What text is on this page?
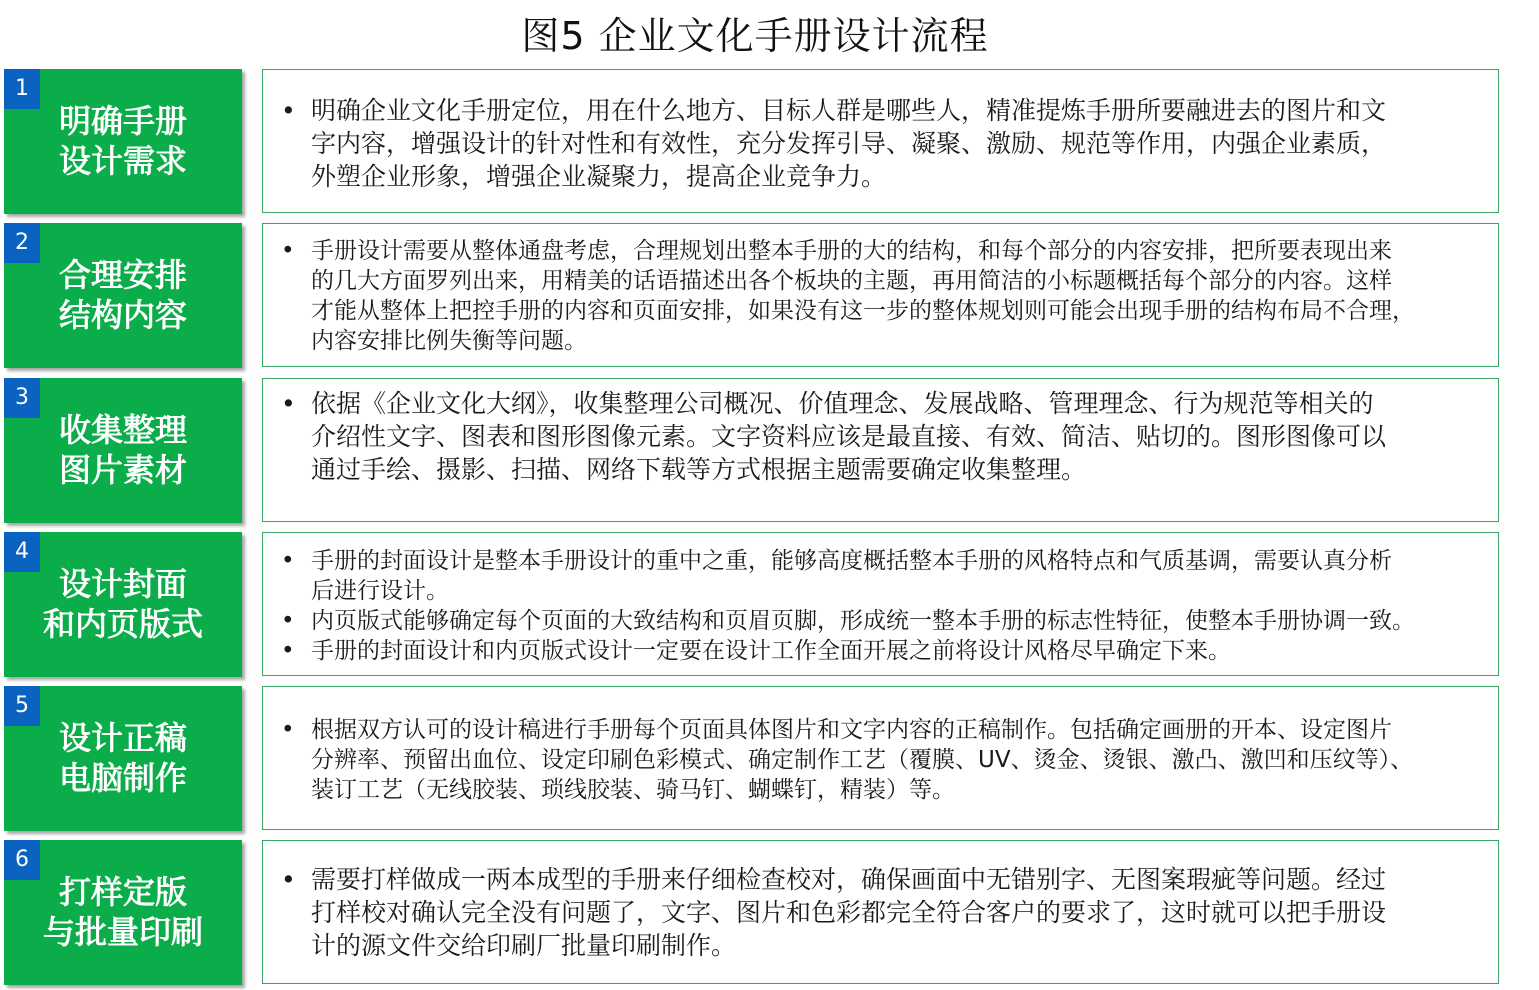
图5 企业文化手册设计流程
1
明确手册
设计需求
• 明确企业文化手册定位，用在什么地方、目标人群是哪些人，精准提炼手册所要融进去的图片和文
字内容，增强设计的针对性和有效性，充分发挥引导、凝聚、激励、规范等作用，内强企业素质，
外塑企业形象，增强企业凝聚力，提高企业竞争力。
2
合理安排
结构内容
• 手册设计需要从整体通盘考虑，合理规划出整本手册的大的结构，和每个部分的内容安排，把所要表现出来
的几大方面罗列出来，用精美的话语描述出各个板块的主题，再用简洁的小标题概括每个部分的内容。这样
才能从整体上把控手册的内容和页面安排，如果没有这一步的整体规划则可能会出现手册的结构布局不合理，
内容安排比例失衡等问题。
3
收集整理
图片素材
• 依据《企业文化大纲》，收集整理公司概况、价值理念、发展战略、管理理念、行为规范等相关的
介绍性文字、图表和图形图像元素。文字资料应该是最直接、有效、简洁、贴切的。图形图像可以
通过手绘、摄影、扫描、网络下载等方式根据主题需要确定收集整理。
4
设计封面
和内页版式
• 手册的封面设计是整本手册设计的重中之重，能够高度概括整本手册的风格特点和气质基调，需要认真分析
后进行设计。
• 内页版式能够确定每个页面的大致结构和页眉页脚，形成统一整本手册的标志性特征，使整本手册协调一致。
• 手册的封面设计和内页版式设计一定要在设计工作全面开展之前将设计风格尽早确定下来。
5
设计正稿
电脑制作
• 根据双方认可的设计稿进行手册每个页面具体图片和文字内容的正稿制作。包括确定画册的开本、设定图片
分辨率、预留出血位、设定印刷色彩模式、确定制作工艺（覆膜、UV、烫金、烫银、激凸、激凹和压纹等）、
装订工艺（无线胶装、琐线胶装、骑马钉、蝴蝶钉，精装）等。
6
打样定版
与批量印刷
• 需要打样做成一两本成型的手册来仔细检查校对，确保画面中无错别字、无图案瑕疵等问题。经过
打样校对确认完全没有问题了，文字、图片和色彩都完全符合客户的要求了，这时就可以把手册设
计的源文件交给印刷厂批量印刷制作。
